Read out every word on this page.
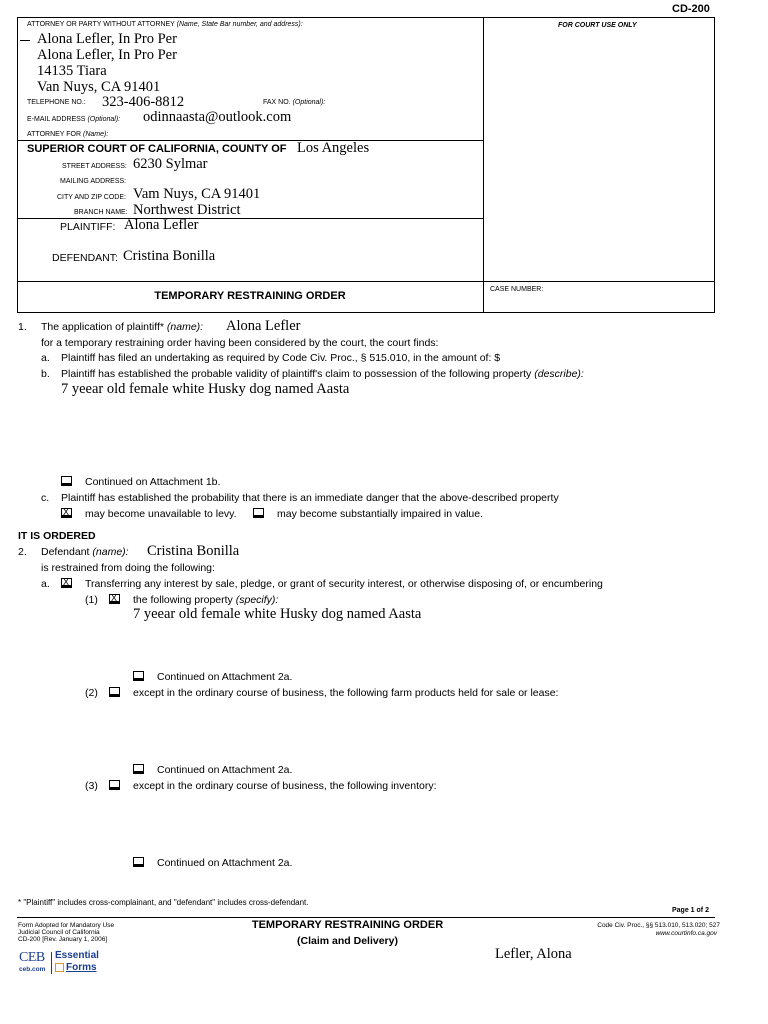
CD-200
ATTORNEY OR PARTY WITHOUT ATTORNEY (Name, State Bar number, and address):
Alona Lefler, In Pro Per
Alona Lefler, In Pro Per
14135 Tiara
Van Nuys, CA 91401
TELEPHONE NO.: 323-406-8812	FAX NO. (Optional):
E-MAIL ADDRESS (Optional): odinnaasta@outlook.com
ATTORNEY FOR (Name):
FOR COURT USE ONLY
SUPERIOR COURT OF CALIFORNIA, COUNTY OF Los Angeles
STREET ADDRESS: 6230 Sylmar
MAILING ADDRESS:
CITY AND ZIP CODE: Vam Nuys, CA 91401
BRANCH NAME: Northwest District
PLAINTIFF: Alona Lefler
DEFENDANT: Cristina Bonilla
TEMPORARY RESTRAINING ORDER
CASE NUMBER:
1. The application of plaintiff* (name): Alona Lefler
for a temporary restraining order having been considered by the court, the court finds:
a. Plaintiff has filed an undertaking as required by Code Civ. Proc., § 515.010, in the amount of: $
b. Plaintiff has established the probable validity of plaintiff's claim to possession of the following property (describe):
7 yeear old female white Husky dog named Aasta
Continued on Attachment 1b.
c. Plaintiff has established the probability that there is an immediate danger that the above-described property
X
may become unavailable to levy.	may become substantially impaired in value.
IT IS ORDERED
2. Defendant (name): Cristina Bonilla
is restrained from doing the following:
a. X	Transferring any interest by sale, pledge, or grant of security interest, or otherwise disposing of, or encumbering
(1) X	the following property (specify):
7 yeear old female white Husky dog named Aasta
Continued on Attachment 2a.
(2)	except in the ordinary course of business, the following farm products held for sale or lease:
Continued on Attachment 2a.
(3)	except in the ordinary course of business, the following inventory:
Continued on Attachment 2a.
* "Plaintiff" includes cross-complainant, and "defendant" includes cross-defendant.
Page 1 of 2
Form Adopted for Mandatory Use
Judicial Council of California
CD-200 [Rev. January 1, 2006]
TEMPORARY RESTRAINING ORDER
(Claim and Delivery)
Code Civ. Proc., §§ 513.010, 513.020; 527
www.courtinfo.ca.gov
CEB
ceb.com
Essential
Forms
Lefler, Alona
